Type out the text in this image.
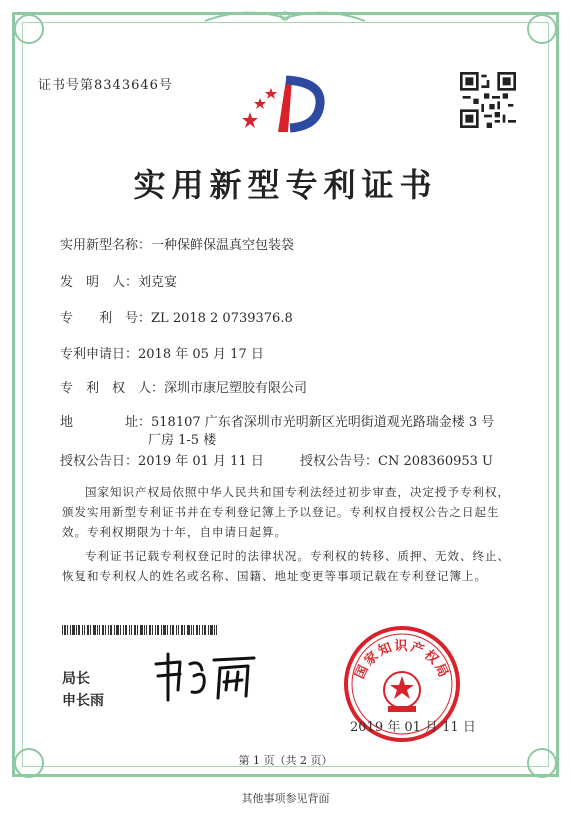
证书号第8343646号
实用新型专利证书
实用新型名称：一种保鲜保温真空包装袋
发　明　人：刘克宴
专　　利　号：ZL 2018 2 0739376.8
专利申请日：2018 年 05 月 17 日
专　利　权　人：深圳市康尼塑胶有限公司
地　　　　址：518107 广东省深圳市光明新区光明街道观光路瑞金楼 3 号
厂房 1-5 楼
授权公告日：2019 年 01 月 11 日	授权公告号：CN 208360953 U
国家知识产权局依照中华人民共和国专利法经过初步审查，决定授予专利权，颁发实用新型专利证书并在专利登记簿上予以登记。专利权自授权公告之日起生效。专利权期限为十年，自申请日起算。
专利证书记载专利权登记时的法律状况。专利权的转移、质押、无效、终止、恢复和专利权人的姓名或名称、国籍、地址变更等事项记载在专利登记簿上。
局长
申长雨
国家知识产权局
2019 年 01 月 11 日
第 1 页（共 2 页）
其他事项参见背面
